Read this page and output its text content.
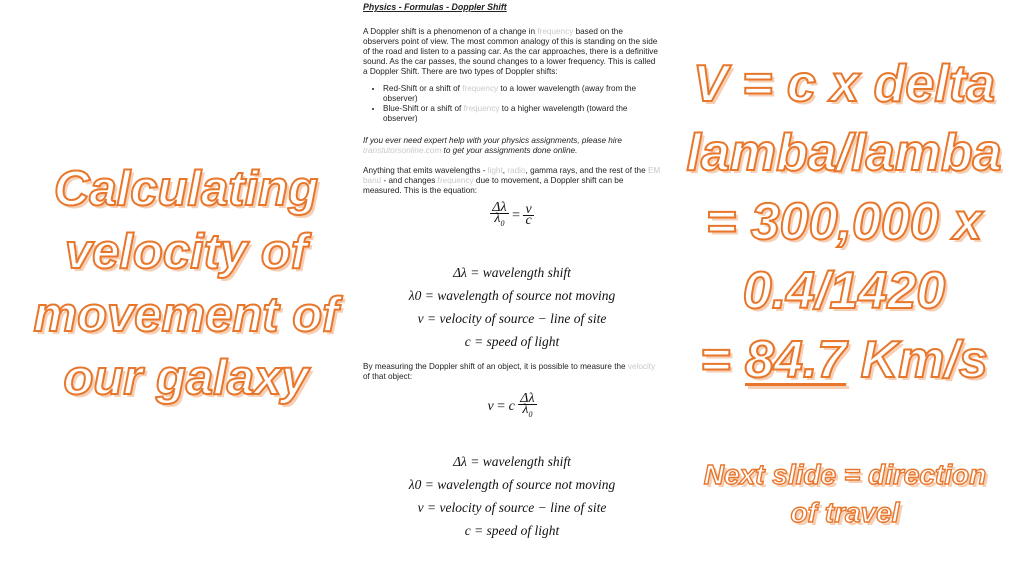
Calculating velocity of movement of our galaxy
V = c x delta
lamba/lamba
= 300,000 x
0.4/1420
= 84.7 Km/s
Next slide = direction of travel

Physics - Formulas - Doppler Shift

A Doppler shift is a phenomenon of a change in frequency based on the observers point of view. The most common analogy of this is standing on the side of the road and listen to a passing car. As the car approaches, there is a definitive sound. As the car passes, the sound changes to a lower frequency. This is called a Doppler Shift. There are two types of Doppler shifts:

• Red-Shift or a shift of frequency to a lower wavelength (away from the observer)
• Blue-Shift or a shift of frequency to a higher wavelength (toward the observer)

If you ever need expert help with your physics assignments, please hire
transtutorsonline.com to get your assignments done online.

Anything that emits wavelengths - light, radio, gamma rays, and the rest of the EM band - and changes frequency due to movement, a Doppler shift can be measured. This is the equation:

$\frac{\Delta\lambda}{\lambda_0} = \frac{v}{c}$
Δλ = wavelength shift
λ0 = wavelength of source not moving
v = velocity of source − line of site
c = speed of light

By measuring the Doppler shift of an object, it is possible to measure the velocity of that object:

v = c $\frac{\Delta\lambda}{\lambda_0}$
Δλ = wavelength shift
λ0 = wavelength of source not moving
v = velocity of source − line of site
c = speed of light
